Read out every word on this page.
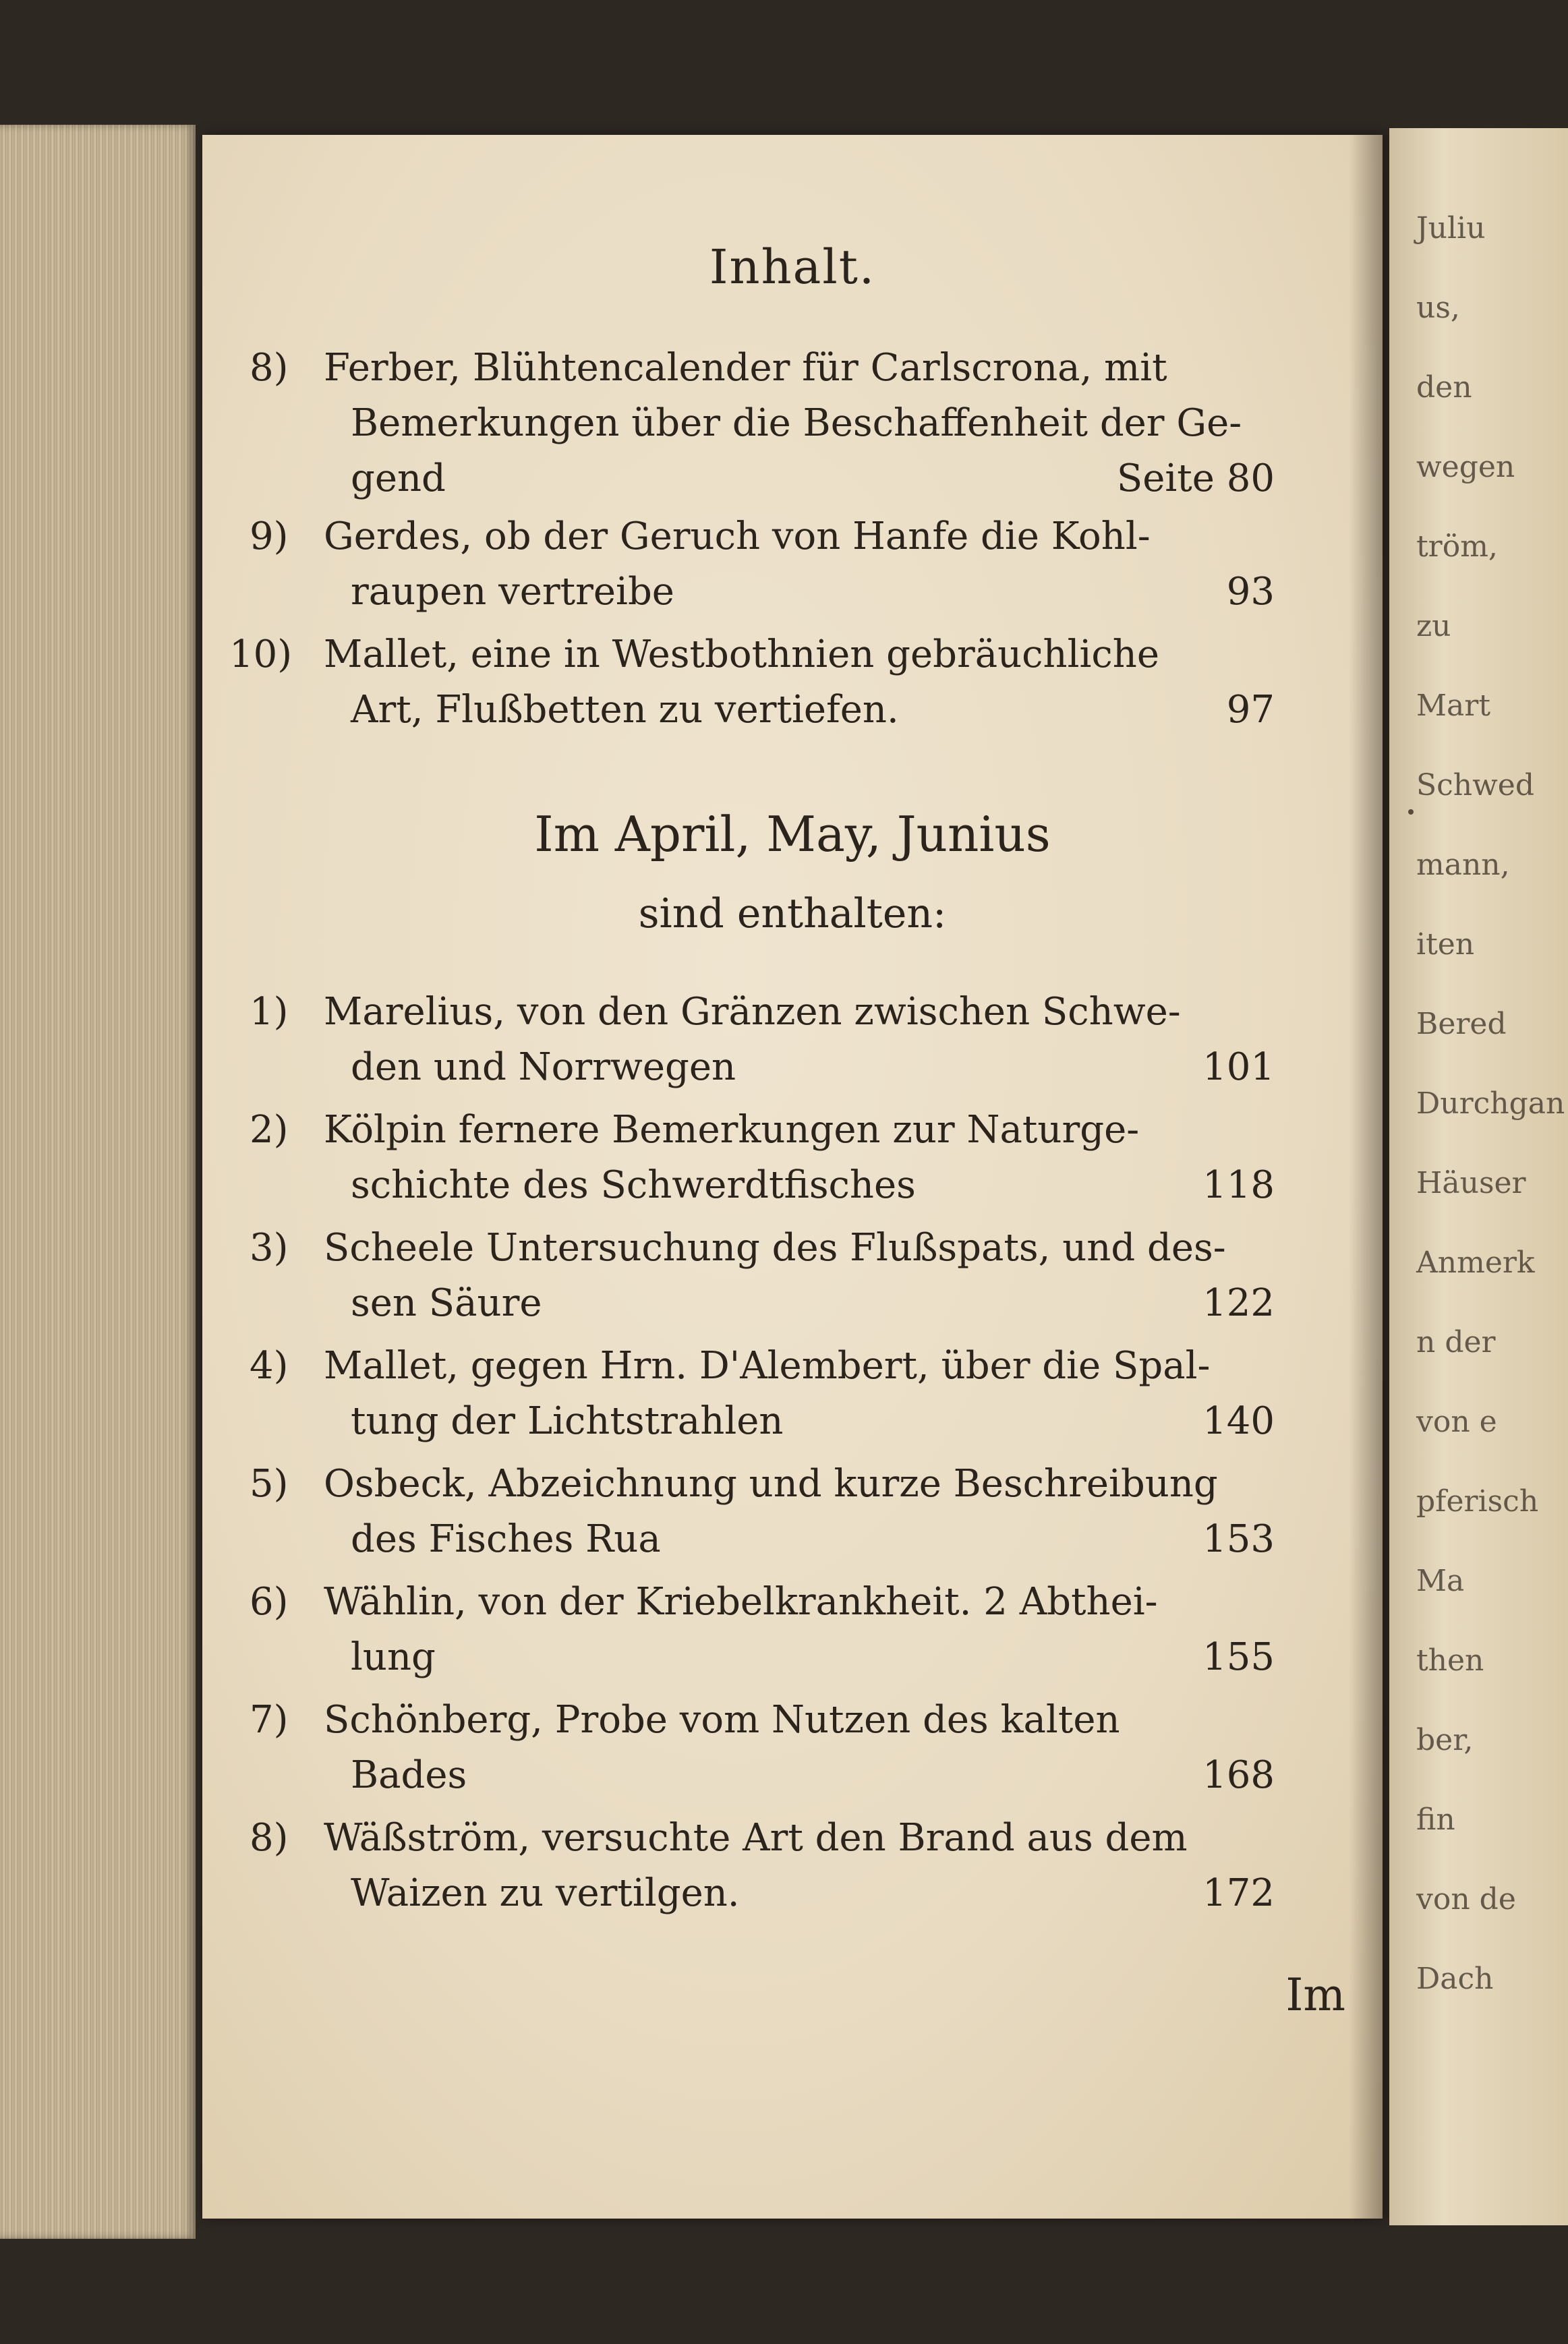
Juliu
us,
den
wegen
tröm,
zu
Mart
Schwed
mann,
iten
Bered
Durchgan
Häuser
Anmerk
n der
von e
pferisch
Ma
then
ber,
fin
von de
Dach
Inhalt.
8) Ferber, Blühtencalender für Carlscrona, mit
Bemerkungen über die Beschaffenheit der Ge-
gend	Seite 80
9) Gerdes, ob der Geruch von Hanfe die Kohl-
raupen vertreibe	93
10) Mallet, eine in Westbothnien gebräuchliche
Art, Flußbetten zu vertiefen.	97
Im April, May, Junius
sind enthalten:
1) Marelius, von den Gränzen zwischen Schwe-
den und Norrwegen	101
2) Kölpin fernere Bemerkungen zur Naturge-
schichte des Schwerdtfisches	118
3) Scheele Untersuchung des Flußspats, und des-
sen Säure	122
4) Mallet, gegen Hrn. D'Alembert, über die Spal-
tung der Lichtstrahlen	140
5) Osbeck, Abzeichnung und kurze Beschreibung
des Fisches Rua	153
6) Wählin, von der Kriebelkrankheit. 2 Abthei-
lung	155
7) Schönberg, Probe vom Nutzen des kalten
Bades	168
8) Wäßström, versuchte Art den Brand aus dem
Waizen zu vertilgen.	172
Im
